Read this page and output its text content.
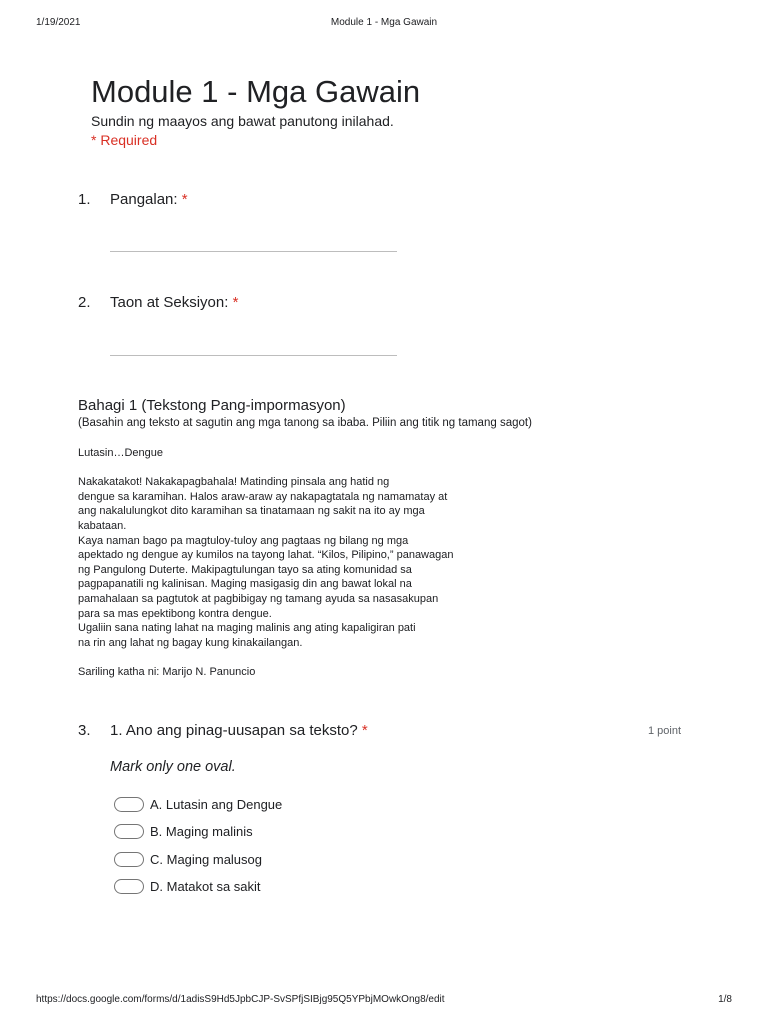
1/19/2021	Module 1 - Mga Gawain
Module 1 - Mga Gawain
Sundin ng maayos ang bawat panutong inilahad.
* Required
1. Pangalan: *
2. Taon at Seksiyon: *
Bahagi 1 (Tekstong Pang-impormasyon)
(Basahin ang teksto at sagutin ang mga tanong sa ibaba. Piliin ang titik ng tamang sagot)

Lutasin…Dengue

Nakakatakot! Nakakapagbahala! Matinding pinsala ang hatid ng

dengue sa karamihan. Halos araw-araw ay nakapagtatala ng namamatay at

ang nakalulungkot dito karamihan sa tinatamaan ng sakit na ito ay mga

kabataan.

Kaya naman bago pa magtuloy-tuloy ang pagtaas ng bilang ng mga

apektado ng dengue ay kumilos na tayong lahat. “Kilos, Pilipino,” panawagan

ng Pangulong Duterte. Makipagtulungan tayo sa ating komunidad sa

pagpapanatili ng kalinisan. Maging masigasig din ang bawat lokal na

pamahalaan sa pagtutok at pagbibigay ng tamang ayuda sa nasasakupan

para sa mas epektibong kontra dengue.

Ugaliin sana nating lahat na maging malinis ang ating kapaligiran pati

na rin ang lahat ng bagay kung kinakailangan.

Sariling katha ni: Marijo N. Panuncio

3. 1. Ano ang pinag-uusapan sa teksto? *	1 point
Mark only one oval.
A. Lutasin ang Dengue
B. Maging malinis
C. Maging malusog
D. Matakot sa sakit
https://docs.google.com/forms/d/1adisS9Hd5JpbCJP-SvSPfjSIBjg95Q5YPbjMOwkOng8/edit	1/8
